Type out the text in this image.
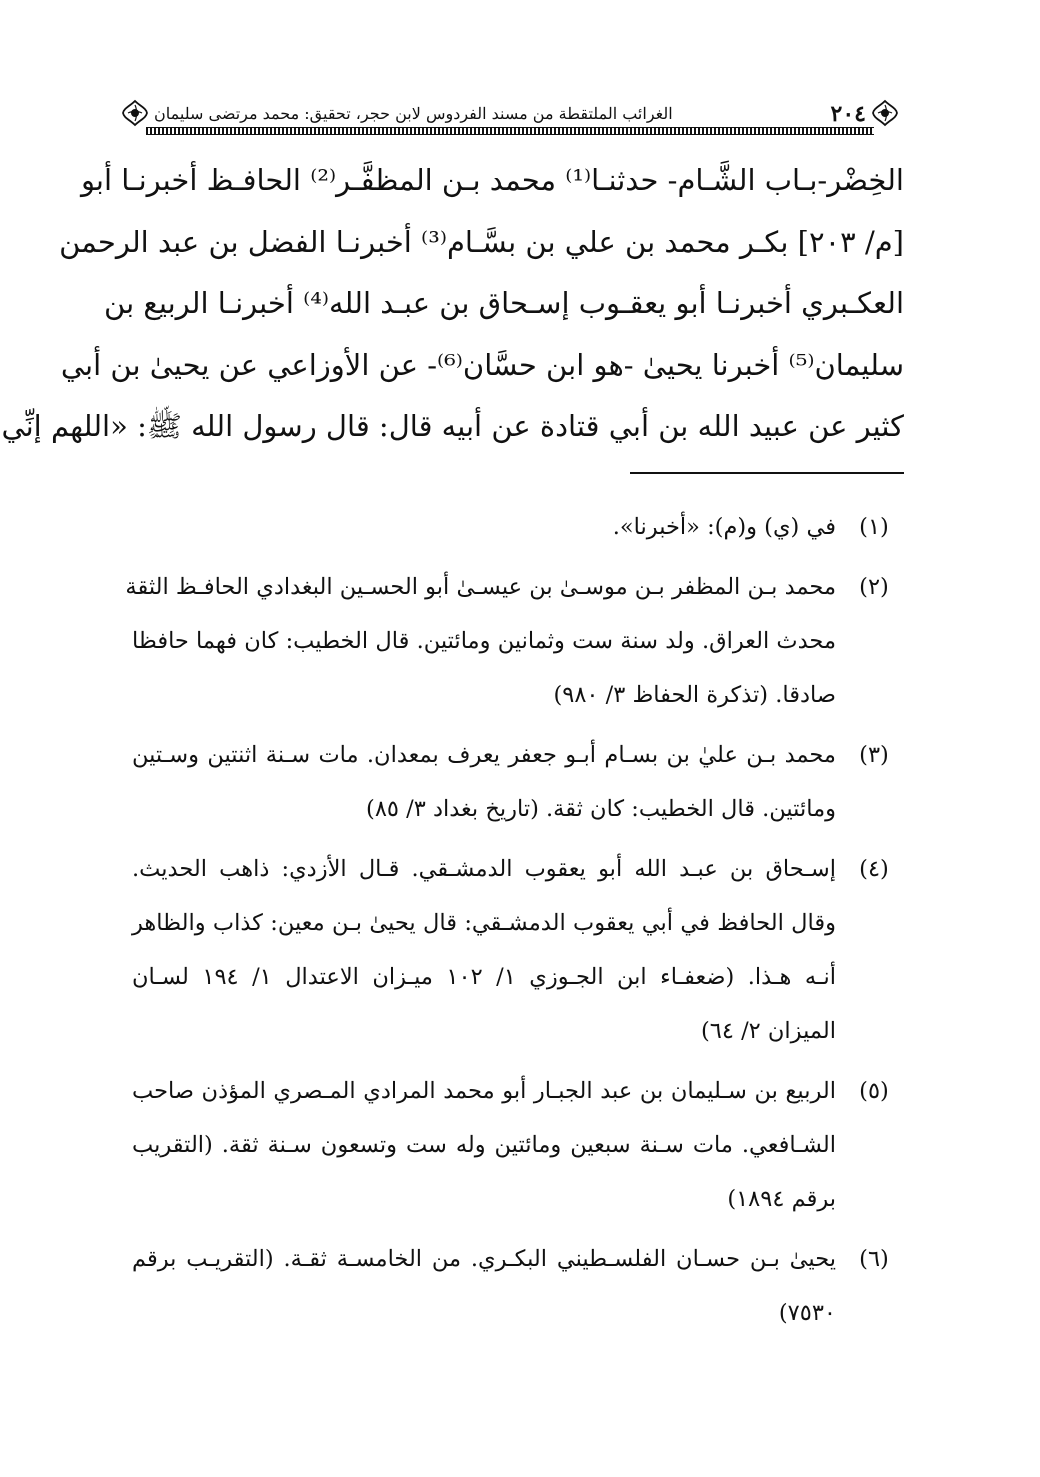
٢٠٤
الغرائب الملتقطة من مسند الفردوس لابن حجر، تحقيق: محمد مرتضى سليمان
الخِضْر-بـاب الشَّـام- حدثنـا⁽¹⁾ محمد بـن المظفَّـر⁽²⁾ الحافـظ أخبرنـا أبو
[م/ ٢٠٣] بكـر محمد بن علي بن بسَّـام⁽³⁾ أخبرنـا الفضل بن عبد الرحمن
العكـبري أخبرنـا أبو يعقـوب إسـحاق بن عبـد الله⁽⁴⁾ أخبرنـا الربيع بن
سليمان⁽⁵⁾ أخبرنا يحيىٰ -هو ابن حسَّان⁽⁶⁾- عن الأوزاعي عن يحيىٰ بن أبي
كثير عن عبيد الله بن أبي قتادة عن أبيه قال: قال رسول الله ﷺ: «اللهم إنِّي
(١)
في (ي) و(م): «أخبرنا».
(٢)
محمد بـن المظفر بـن موسـىٰ بن عيسـىٰ أبو الحسـين البغدادي الحافـظ الثقة
محدث العراق. ولد سنة ست وثمانين ومائتين. قال الخطيب: كان فهما حافظا
صادقا. (تذكرة الحفاظ ٣/ ٩٨٠)
(٣)
محمد بـن عليٰ بن بسـام أبـو جعفر يعرف بمعدان. مات سـنة اثنتين وسـتين
ومائتين. قال الخطيب: كان ثقة. (تاريخ بغداد ٣/ ٨٥)
(٤)
إسـحاق بن عبـد الله أبو يعقوب الدمشـقي. قـال الأزدي: ذاهب الحديث.
وقال الحافظ في أبي يعقوب الدمشـقي: قال يحيىٰ بـن معين: كذاب والظاهر
أنـه هـذا. (ضعفـاء ابن الجـوزي ١/ ١٠٢ ميـزان الاعتدال ١/ ١٩٤ لسـان
الميزان ٢/ ٦٤)
(٥)
الربيع بن سـليمان بن عبد الجبـار أبو محمد المرادي المـصري المؤذن صاحب
الشـافعي. مات سـنة سبعين ومائتين وله ست وتسعون سـنة ثقة. (التقريب
برقم ١٨٩٤)
(٦)
يحيىٰ بـن حسـان الفلسـطيني البكـري. من الخامسـة ثقـة. (التقريـب برقم
٧٥٣٠)
